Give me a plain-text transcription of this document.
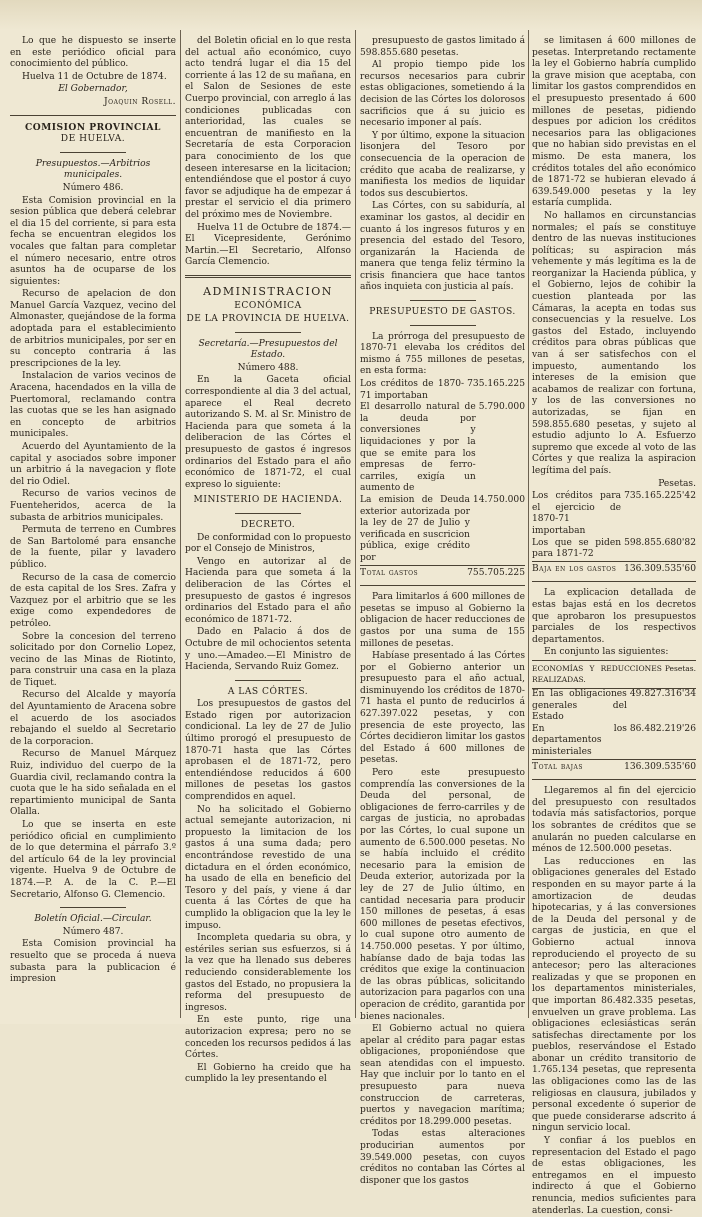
Lo que he dispuesto se inserte en este periódico oficial para conocimiento del público.

Huelva 11 de Octubre de 1874.

El Gobernador,

Joaquin Rosell.

COMISION PROVINCIAL

DE HUELVA.

Presupuestos.—Arbitrios municipales.

Número 486.

Esta Comision provincial en la sesion pública que deberá celebrar el dia 15 del corriente, si para esta fecha se encuentran elegidos los vocales que faltan para completar el número necesario, entre otros asuntos ha de ocuparse de los siguientes:

Recurso de apelacion de don Manuel García Vazquez, vecino del Almonaster, quejándose de la forma adoptada para el establecimiento de arbitrios municipales, por ser en su concepto contraria á las prescripciones de la ley.

Instalacion de varios vecinos de Aracena, hacendados en la villa de Puertomoral, reclamando contra las cuotas que se les han asignado en concepto de arbitrios municipales.

Acuerdo del Ayuntamiento de la capital y asociados sobre imponer un arbitrio á la navegacion y flote del rio Odiel.

Recurso de varios vecinos de Fuenteheridos, acerca de la subasta de arbitrios municipales.

Permuta de terreno en Cumbres de San Bartolomé para ensanche de la fuente, pilar y lavadero público.

Recurso de la casa de comercio de esta capital de los Sres. Zafra y Vazquez por el arbitrio que se les exige como expendedores de petróleo.

Sobre la concesion del terreno solicitado por don Cornelio Lopez, vecino de las Minas de Riotinto, para construir una casa en la plaza de Tiquet.

Recurso del Alcalde y mayoría del Ayuntamiento de Aracena sobre el acuerdo de los asociados rebajando el sueldo al Secretario de la corporacion.

Recurso de Manuel Márquez Ruiz, individuo del cuerpo de la Guardia civil, reclamando contra la cuota que le ha sido señalada en el repartimiento municipal de Santa Olalla.

Lo que se inserta en este periódico oficial en cumplimiento de lo que determina el párrafo 3.º del artículo 64 de la ley provincial vigente. Huelva 9 de Octubre de 1874.—P. A. de la C. P.—El Secretario, Alfonso G. Clemencio.

Boletín Oficial.—Circular.

Número 487.

Esta Comision provincial ha resuelto que se proceda á nueva subasta para la publicacion é impresion

del Boletin oficial en lo que resta del actual año económico, cuyo acto tendrá lugar el dia 15 del corriente á las 12 de su mañana, en el Salon de Sesiones de este Cuerpo provincial, con arreglo á las condiciones publicadas con anterioridad, las cuales se encuentran de manifiesto en la Secretaría de esta Corporacion para conocimiento de los que deseen interesarse en la licitacion; entendiéndose que el postor á cuyo favor se adjudique ha de empezar á prestar el servicio el dia primero del próximo mes de Noviembre.

Huelva 11 de Octubre de 1874.—El Vicepresidente, Gerónimo Martin.—El Secretario, Alfonso García Clemencio.

ADMINISTRACION

ECONÓMICA

DE LA PROVINCIA DE HUELVA.

Secretaría.—Presupuestos del Estado.

Número 488.

En la Gaceta oficial correspondiente al dia 3 del actual, aparece el Real decreto autorizando S. M. al Sr. Ministro de Hacienda para que someta á la deliberacion de las Córtes el presupuesto de gastos é ingresos ordinarios del Estado para el año económico de 1871-72, el cual expreso lo siguiente:

MINISTERIO DE HACIENDA.

DECRETO.

De conformidad con lo propuesto por el Consejo de Ministros,

Vengo en autorizar al de Hacienda para que someta á la deliberacion de las Córtes el presupuesto de gastos é ingresos ordinarios del Estado para el año económico de 1871-72.

Dado en Palacio á dos de Octubre de mil ochocientos setenta y uno.—Amadeo.—El Ministro de Hacienda, Servando Ruiz Gomez.

A LAS CÓRTES.

Los presupuestos de gastos del Estado rigen por autorizacion condicional. La ley de 27 de Julio último prorogó el presupuesto de 1870-71 hasta que las Córtes aprobasen el de 1871-72, pero entendiéndose reducidos á 600 millones de pesetas los gastos comprendidos en aquel.

No ha solicitado el Gobierno actual semejante autorizacion, ni propuesto la limitacion de los gastos á una suma dada; pero encontrándose revestido de una dictadura en el órden económico, ha usado de ella en beneficio del Tesoro y del país, y viene á dar cuenta á las Córtes de que ha cumplido la obligacion que la ley le impuso.

Incompleta quedaria su obra, y estériles serian sus esfuerzos, si á la vez que ha llenado sus deberes reduciendo considerablemente los gastos del Estado, no propusiera la reforma del presupuesto de ingresos.

En este punto, rige una autorizacion expresa; pero no se conceden los recursos pedidos á las Córtes.

El Gobierno ha creido que ha cumplido la ley presentando el

presupuesto de gastos limitado á 598.855.680 pesetas.

Al propio tiempo pide los recursos necesarios para cubrir estas obligaciones, sometiendo á la decision de las Córtes los dolorosos sacrificios que á su juicio es necesario imponer al país.

Y por último, expone la situacion lisonjera del Tesoro por consecuencia de la operacion de crédito que acaba de realizarse, y manifiesta los medios de liquidar todos sus descubiertos.

Las Córtes, con su sabiduría, al examinar los gastos, al decidir en cuanto á los ingresos futuros y en presencia del estado del Tesoro, organizarán la Hacienda de manera que tenga feliz término la crisis financiera que hace tantos años inquieta con justicia al país.

PRESUPUESTO DE GASTOS.

La prórroga del presupuesto de 1870-71 elevaba los créditos del mismo á 755 millones de pesetas, en esta forma:

Los créditos de 1870-71 importaban
735.165.225
El desarrollo natural de la deuda por conversiones y liquidaciones y por la que se emite para los empresas de ferro-carriles, exigía un aumento de
5.790.000
La emision de Deuda exterior autorizada por la ley de 27 de Julio y verificada en suscricion pública, exige crédito por
14.750.000
Total gastos	755.705.225

Para limitarlos á 600 millones de pesetas se impuso al Gobierno la obligacion de hacer reducciones de gastos por una suma de 155 millones de pesetas.

Habíase presentado á las Córtes por el Gobierno anterior un presupuesto para el año actual, disminuyendo los créditos de 1870-71 hasta el punto de reducirlos á 627.397.022 pesetas, y con presencia de este proyecto, las Córtes decidieron limitar los gastos del Estado á 600 millones de pesetas.

Pero este presupuesto comprendía las conversiones de la Deuda del personal, de obligaciones de ferro-carriles y de cargas de justicia, no aprobadas por las Córtes, lo cual supone un aumento de 6.500.000 pesetas. No se había incluido el crédito necesario para la emision de Deuda exterior, autorizada por la ley de 27 de Julio último, en cantidad necesaria para producir 150 millones de pesetas, á esas 600 millones de pesetas efectivos, lo cual supone otro aumento de 14.750.000 pesetas. Y por último, habíanse dado de baja todas las créditos que exige la continuacion de las obras públicas, solicitando autorizacion para pagarlos con una operacion de crédito, garantida por bienes nacionales.

El Gobierno actual no quiera apelar al crédito para pagar estas obligaciones, proponiéndose que sean atendidas con el impuesto. Hay que incluir por lo tanto en el presupuesto para nueva construccion de carreteras, puertos y navegacion marítima; créditos por 18.299.000 pesetas.

Todas estas alteraciones producirian aumentos por 39.549.000 pesetas, con cuyos créditos no contaban las Córtes al disponer que los gastos

se limitasen á 600 millones de pesetas. Interpretando rectamente la ley el Gobierno habría cumplido la grave mision que aceptaba, con limitar los gastos comprendidos en el presupuesto presentado á 600 millones de pesetas, pidiendo despues por adicion los créditos necesarios para las obligaciones que no habian sido previstas en el mismo. De esta manera, los créditos totales del año económico de 1871-72 se hubieran elevado á 639.549.000 pesetas y la ley estaría cumplida.

No hallamos en circunstancias normales; el país se constituye dentro de las nuevas instituciones políticas; su aspiracion más vehemente y más legítima es la de reorganizar la Hacienda pública, y el Gobierno, lejos de cohibir la cuestion planteada por las Cámaras, la acepta en todas sus consecuencias y la resuelve. Los gastos del Estado, incluyendo créditos para obras públicas que van á ser satisfechos con el impuesto, aumentando los intereses de la emision que acabamos de realizar con fortuna, y los de las conversiones no autorizadas, se fijan en 598.855.680 pesetas, y sujeto al estudio adjunto lo A. Esfuerzo supremo que excede al voto de las Córtes y que realiza la aspiracion legítima del país.

Pesetas.

Los créditos para el ejercicio de 1870-71 importaban
735.165.225'42
Los que se piden para 1871-72
598.855.680'82
Baja en los gastos 136.309.535'60

La explicacion detallada de estas bajas está en los decretos que aprobaron los presupuestos parciales de los respectivos departamentos.

En conjunto las siguientes:

ECONOMÍAS Y REDUCCIONES REALIZADAS.
Pesetas.
En las obligaciones generales del Estado
49.827.316'34
En los departamentos ministeriales
86.482.219'26
Total bajas	136.309.535'60

Llegaremos al fin del ejercicio del presupuesto con resultados todavía más satisfactorios, porque los sobrantes de créditos que se anularán no pueden calcularse en ménos de 12.500.000 pesetas.

Las reducciones en las obligaciones generales del Estado responden en su mayor parte á la amortizacion de deudas hipotecarias, y á las conversiones de la Deuda del personal y de cargas de justicia, en que el Gobierno actual innova reproduciendo el proyecto de su antecesor; pero las alteraciones realizadas y que se proponen en los departamentos ministeriales, que importan 86.482.335 pesetas, envuelven un grave problema. Las obligaciones eclesiásticas serán satisfechas directamente por los pueblos, reservándose el Estado abonar un crédito transitorio de 1.765.134 pesetas, que representa las obligaciones como las de las religiosas en clausura, jubilados y personal excedente ó superior de que puede considerarse adscrito á ningun servicio local.

Y confiar á los pueblos en representacion del Estado el pago de estas obligaciones, les entregamos en el impuesto indirecto á que el Gobierno renuncia, medios suficientes para atenderlas. La cuestion, consi-
